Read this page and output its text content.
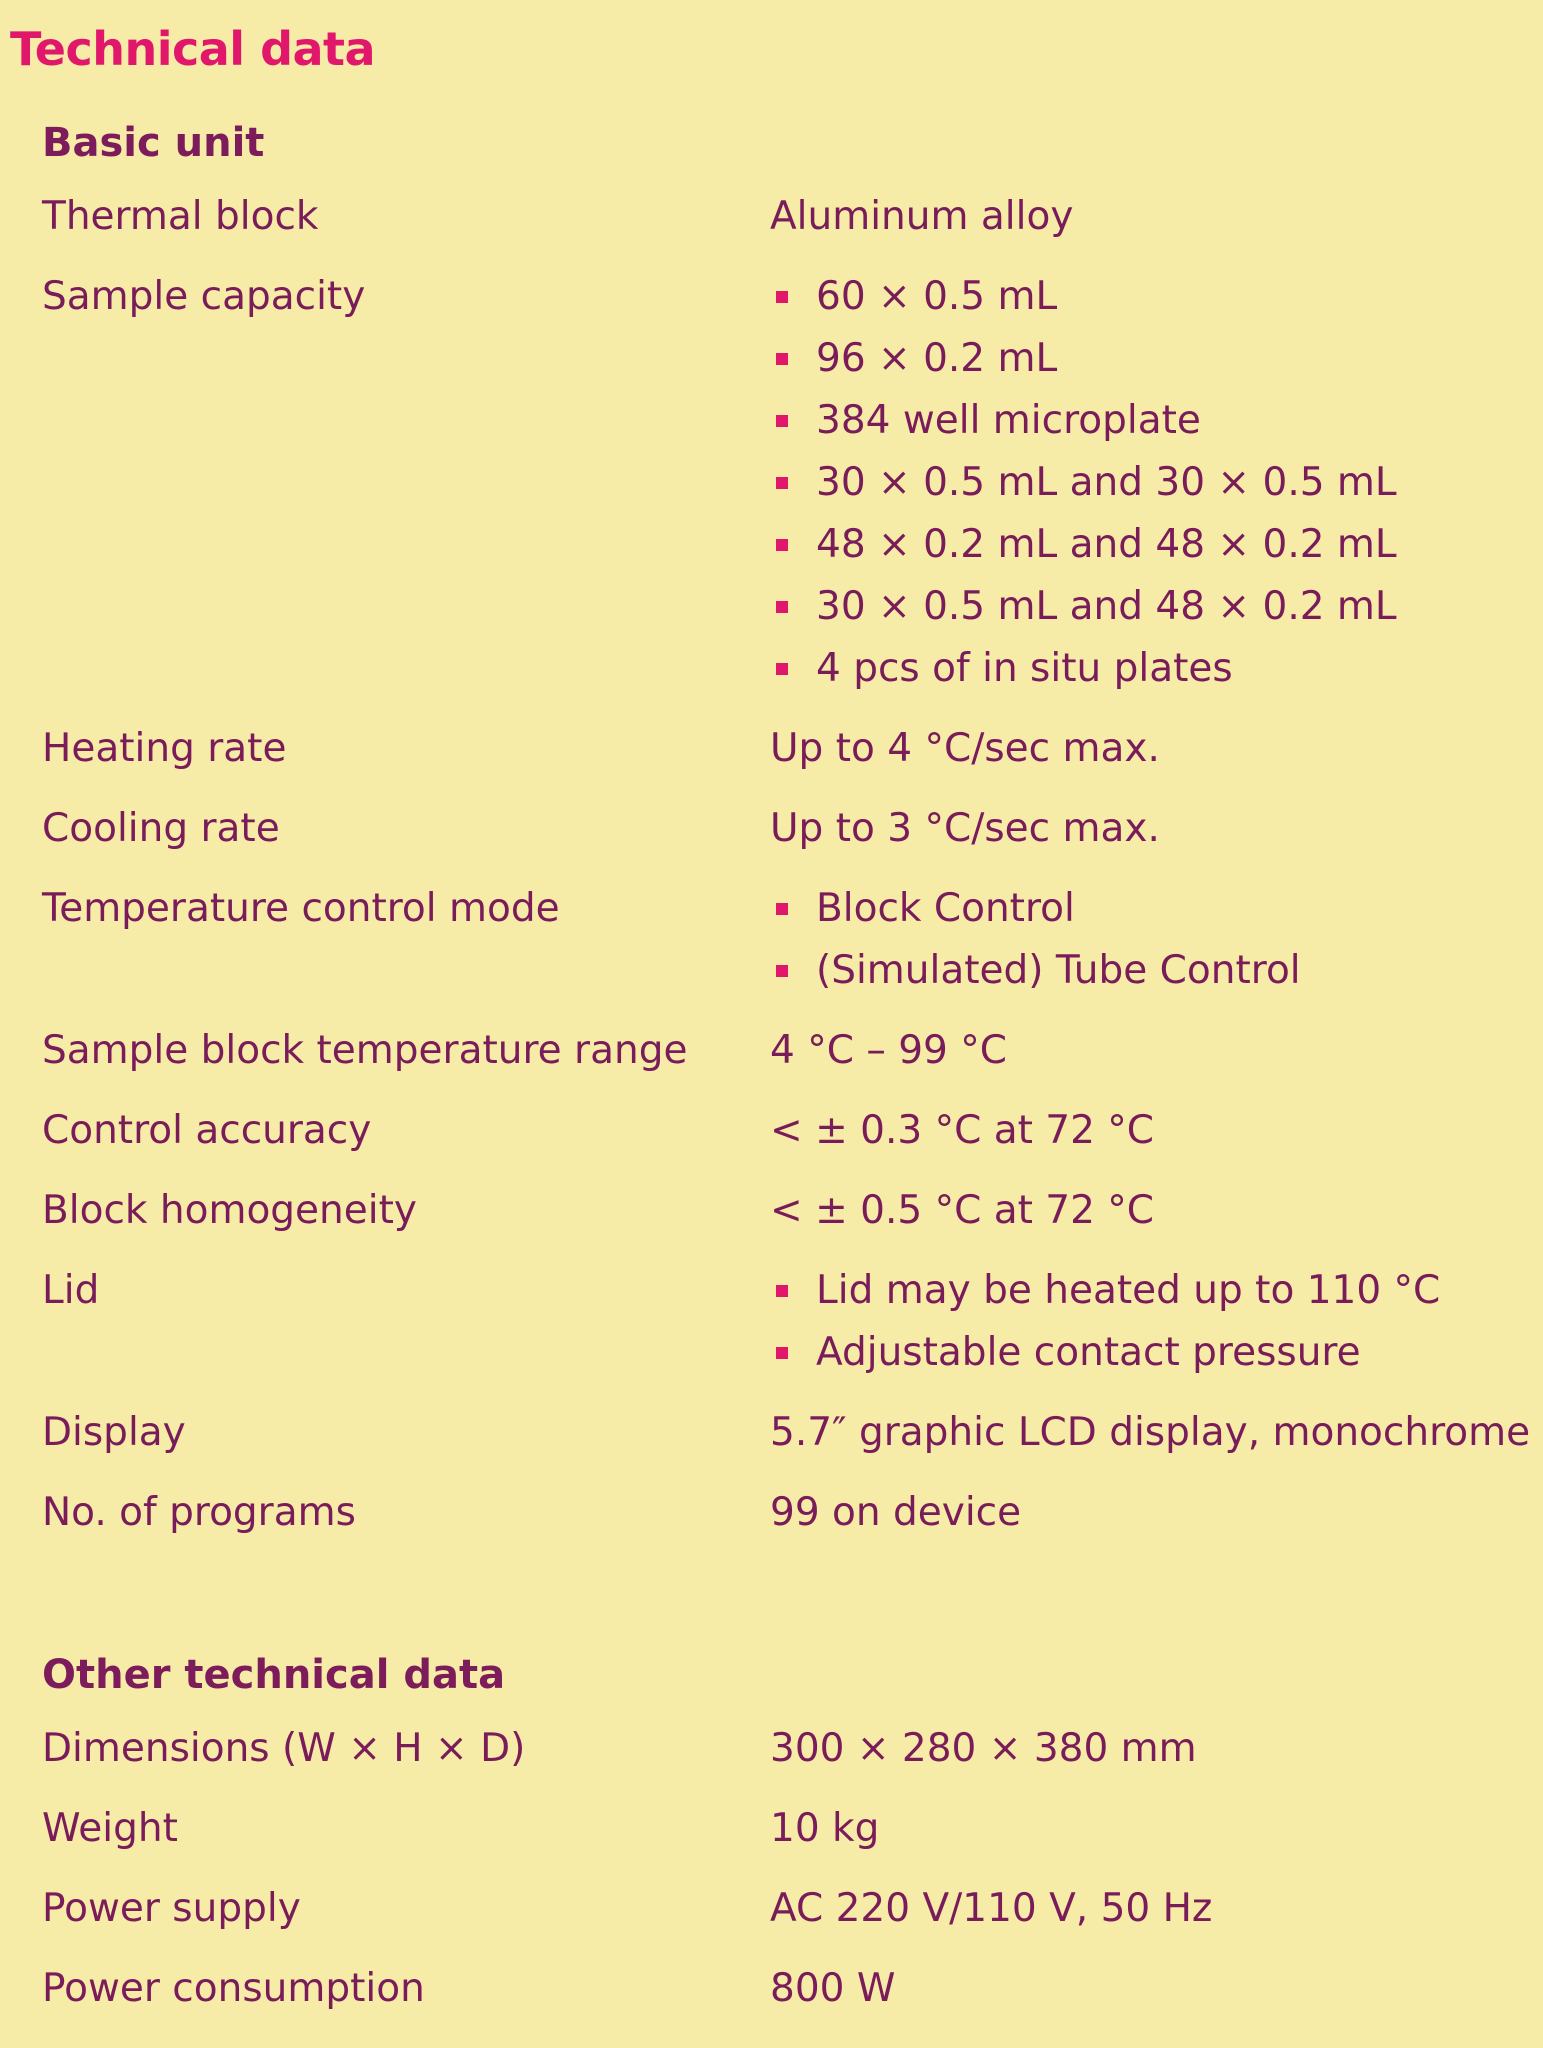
Technical data
Basic unit
Thermal block	Aluminum alloy
Sample capacity	60 × 0.5 mL
96 × 0.2 mL
384 well microplate
30 × 0.5 mL and 30 × 0.5 mL
48 × 0.2 mL and 48 × 0.2 mL
30 × 0.5 mL and 48 × 0.2 mL
4 pcs of in situ plates
Heating rate	Up to 4 °C/sec max.
Cooling rate	Up to 3 °C/sec max.
Temperature control mode	Block Control
(Simulated) Tube Control
Sample block temperature range	4 °C – 99 °C
Control accuracy	< ± 0.3 °C at 72 °C
Block homogeneity	< ± 0.5 °C at 72 °C
Lid	Lid may be heated up to 110 °C
Adjustable contact pressure
Display	5.7″ graphic LCD display, monochrome
No. of programs	99 on device
Other technical data
Dimensions (W × H × D)	300 × 280 × 380 mm
Weight	10 kg
Power supply	AC 220 V/110 V, 50 Hz
Power consumption	800 W
